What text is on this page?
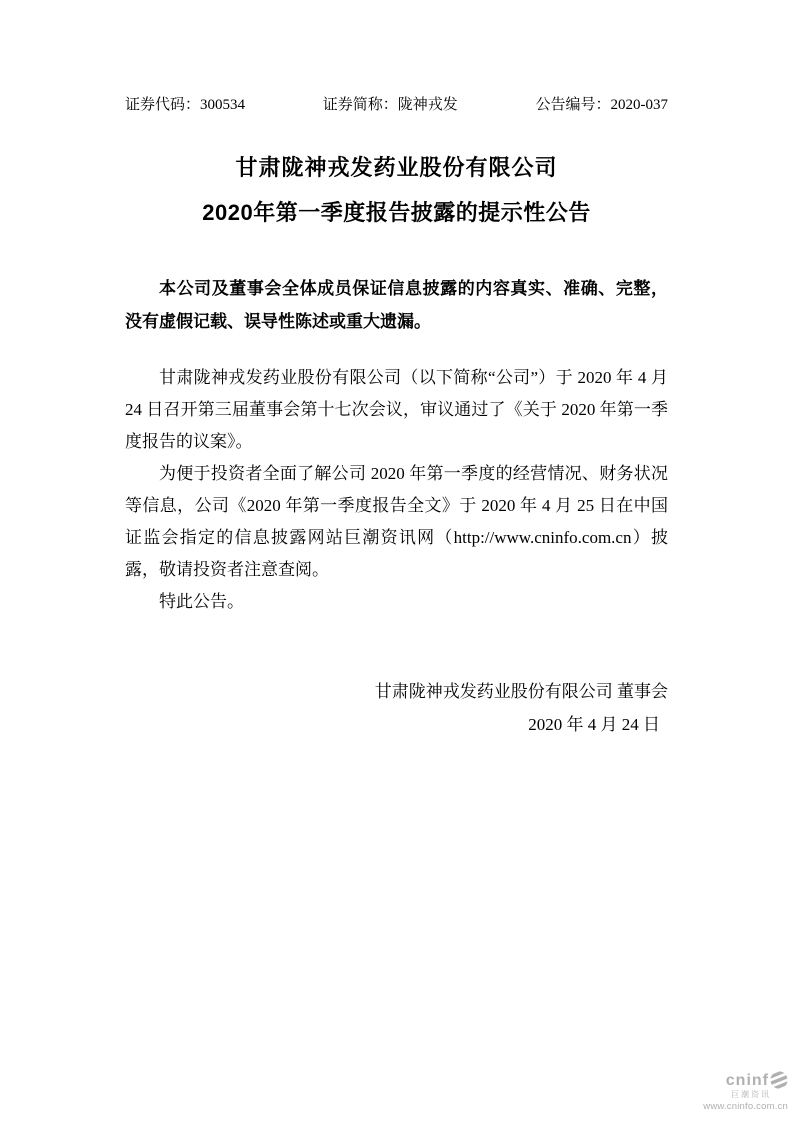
证券代码：300534	证券简称：陇神戎发	公告编号：2020-037
甘肃陇神戎发药业股份有限公司
2020年第一季度报告披露的提示性公告

本公司及董事会全体成员保证信息披露的内容真实、准确、完整，没有虚假记载、误导性陈述或重大遗漏。

甘肃陇神戎发药业股份有限公司（以下简称“公司”）于 2020 年 4 月 24 日召开第三届董事会第十七次会议，审议通过了《关于 2020 年第一季度报告的议案》。

为便于投资者全面了解公司 2020 年第一季度的经营情况、财务状况等信息，公司《2020 年第一季度报告全文》于 2020 年 4 月 25 日在中国证监会指定的信息披露网站巨潮资讯网（http://www.cninfo.com.cn）披露，敬请投资者注意查阅。

特此公告。

甘肃陇神戎发药业股份有限公司 董事会
2020 年 4 月 24 日
cninf
巨潮资讯
www.cninfo.com.cn
